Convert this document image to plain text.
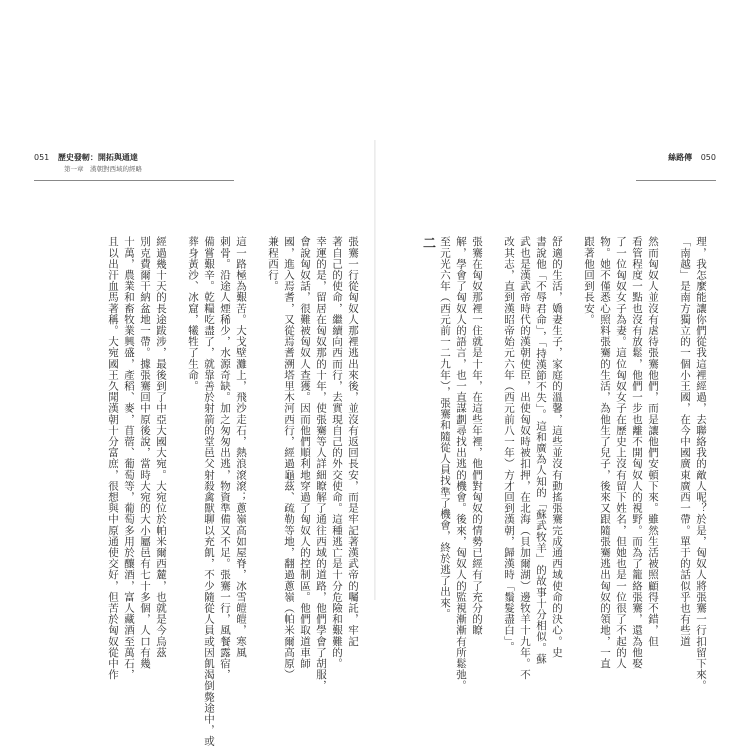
051 歷史發軔：開拓與通達
第一章　漢朝對西域的經略
張騫一行從匈奴人那裡逃出來後，並沒有返回長安，而是牢記著漢武帝的囑託，牢記
著自己的使命，繼續向西而行，去實現自己的外交使命。這種逃亡是十分危險和艱難的。
幸運的是，留居在匈奴那的十年，使張騫等人詳細瞭解了通往西域的道路，他們學會了胡服，
會說匈奴話，很難被匈奴人查獲。因而他們順利地穿過了匈奴人的控制區。他們取道車師
國，進入焉耆，又從焉耆溯塔里木河西行，經過龜茲、疏勒等地，翻過蔥嶺（帕米爾高原）
兼程西行。
這一路極為艱苦。大戈壁灘上，飛沙走石，熱浪滾滾；蔥嶺高如屋脊，冰雪皚皚，寒風
刺骨。沿途人煙稀少，水源奇缺。加之匆匆出逃，物資準備又不足。張騫一行，風餐露宿，
備嘗艱辛。乾糧吃盡了，就靠善於射箭的堂邑父射殺禽獸聊以充飢，不少隨從人員或因飢渴倒斃途中，或
葬身黃沙、冰窟，犧牲了生命。
經過幾十天的長途跋涉，最後到了中亞大國大宛。大宛位於帕米爾西麓，也就是今烏茲
別克費爾干納盆地一帶。據張騫回中原後說，當時大宛的大小屬邑有七十多個，人口有幾
十萬，農業和畜牧業興盛，產稻、麥，苜蓿、葡萄等，葡萄多用於釀酒，富人藏酒至萬石，
且以出汗血馬著稱。大宛國王久聞漢朝十分富庶，很想與中原通使交好，但苦於匈奴從中作
絲路傳 050
理，我怎麼能讓你們從我這裡經過，去聯絡我的敵人呢？於是，匈奴人將張騫一行扣留下來。
「南越」是南方獨立的一個小王國，在今中國廣東廣西一帶。單于的話似乎也有些道
然而匈奴人並沒有虐待張騫他們，而是讓他們安頓下來。雖然生活被照顧得不錯，但
看管程度一點也沒有放鬆，他們一步也離不開匈奴人的視野。而為了籠絡張騫，還為他娶
了一位匈奴女子為妻。這位匈奴女子在歷史上沒有留下姓名，但她也是一位很了不起的人
物。她不僅悉心照料張騫的生活，為他生了兒子，後來又跟隨張騫逃出匈奴的領地，一直
跟著他回到長安。
舒適的生活，嬌妻生子，家庭的溫馨，這些並沒有動搖張騫完成通西域使命的決心。史
書說他「不辱君命」，「持漢節不失」。這和廣為人知的「蘇武牧羊」的故事十分相似。蘇
武也是漢武帝時代的漢朝使臣，出使匈奴時被扣押，在北海（貝加爾湖）邊牧羊十九年。不
改其志，直到漢昭帝始元六年（西元前八一年）方才回到漢朝，歸漢時「鬚髮盡白」。
張騫在匈奴那裡一住就是十年，在這些年裡，他們對匈奴的情勢已經有了充分的瞭
解，學會了匈奴人的語言，也一直謀劃尋找出逃的機會。後來，匈奴人的監視漸漸有所鬆弛。
至元光六年（西元前一二九年），張騫和隨從人員找準了機會，終於逃了出來。
二
